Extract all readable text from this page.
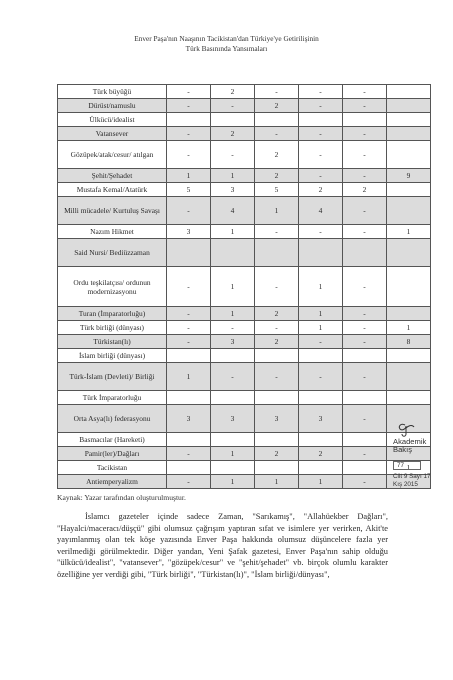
Enver Paşa'nın Naaşının Tacikistan'dan Türkiye'ye Getirilişinin
Türk Basınında Yansımaları
Türk büyüğü	-	2	-	-	-	
Dürüst/namuslu	-	-	2	-	-	
Ülkücü/idealist						
Vatansever	-	2	-	-	-	
Gözüpek/atak/cesur/ atılgan	-	-	2	-	-	
Şehit/Şehadet	1	1	2	-	-	9
Mustafa Kemal/Atatürk	5	3	5	2	2	
Milli mücadele/ Kurtuluş Savaşı	-	4	1	4	-	
Nazım Hikmet	3	1	-	-	-	1
Said Nursi/ Bediüzzaman						
Ordu teşkilatçısı/ ordunun modernizasyonu	-	1	-	1	-	
Turan (İmparatorluğu)	-	1	2	1	-	
Türk birliği (dünyası)	-	-	-	1	-	1
Türkistan(lı)	-	3	2	-	-	8
İslam birliği (dünyası)						
Türk-İslam (Devleti)/ Birliği	1	-	-	-	-	
Türk İmparatorluğu						
Orta Asya(lı) federasyonu	3	3	3	3	-	
Basmacılar (Hareketi)						
Pamir(ler)/Dağları	-	1	2	2	-	
Tacikistan						1
Antiemperyalizm	-	1	1	1	-	
Kaynak: Yazar tarafından oluşturulmuştur.

İslamcı gazeteler içinde sadece Zaman, "Sarıkamış", "Allahüekber Dağları", "Hayalci/maceracı/düşçü" gibi olumsuz çağrışım yaptıran sıfat ve isimlere yer verirken, Akit'te yayımlanmış olan tek köşe yazısında Enver Paşa hakkında olumsuz düşüncelere fazla yer verilmediği görülmektedir. Diğer yandan, Yeni Şafak gazetesi, Enver Paşa'nın sahip olduğu "ülkücü/idealist", "vatansever", "gözüpek/cesur" ve "şehit/şehadet" vb. birçok olumlu karakter özelliğine yer verdiği gibi, "Türk birliği", "Türkistan(lı)", "İslam birliği/dünyası",

Akademik
Bakış
77
Cilt 9 Sayı 17
Kış 2015
